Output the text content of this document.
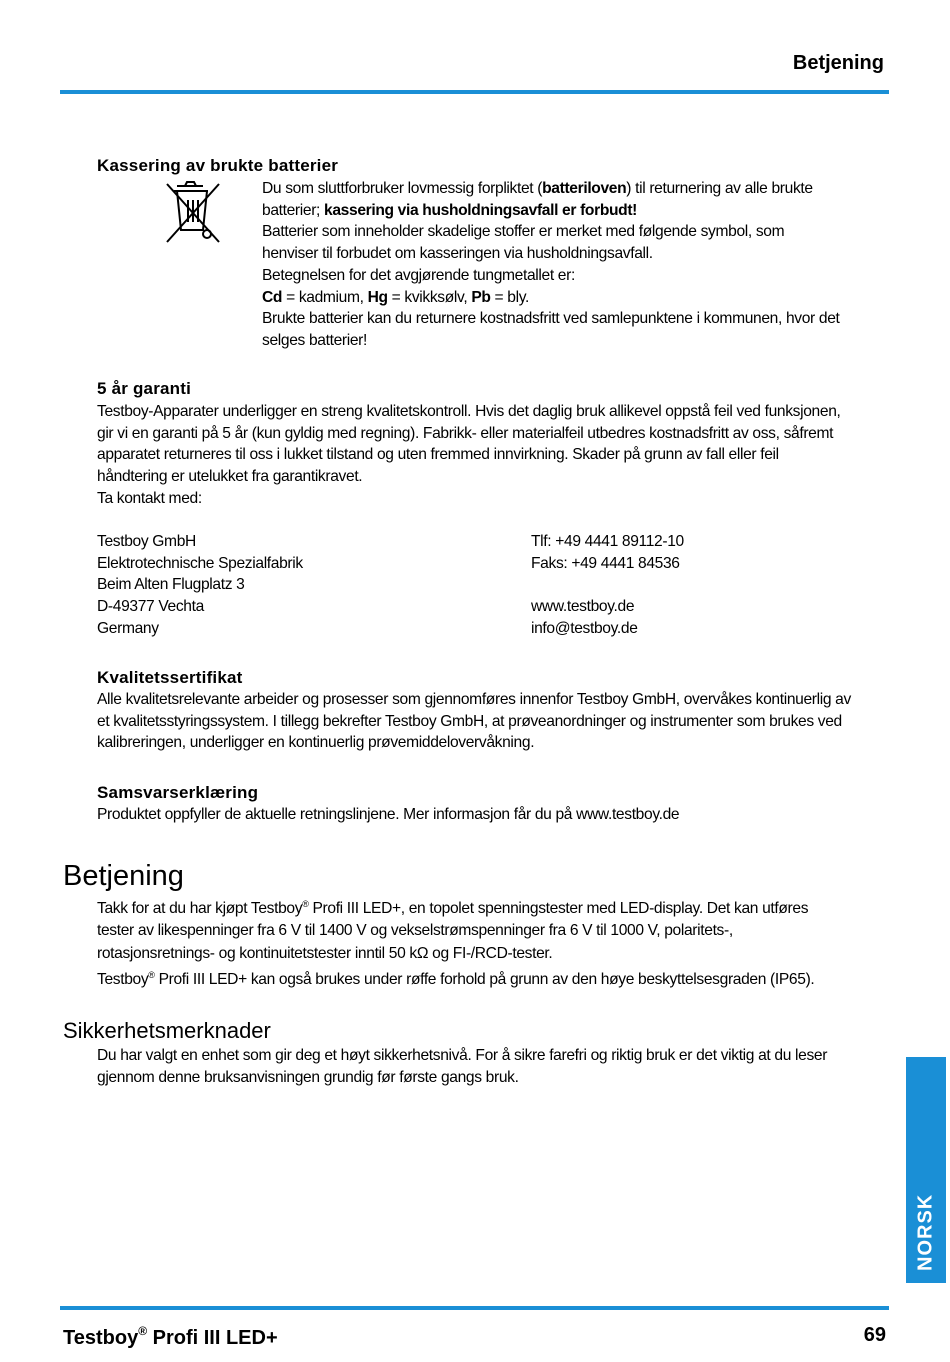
Betjening
Kassering av brukte batterier

Du som sluttforbruker lovmessig forpliktet (batteriloven) til returnering av alle brukte

batterier; kassering via husholdningsavfall er forbudt!

Batterier som inneholder skadelige stoffer er merket med følgende symbol, som

henviser til forbudet om kasseringen via husholdningsavfall.

Betegnelsen for det avgjørende tungmetallet er:

Cd = kadmium, Hg = kvikksølv, Pb = bly.

Brukte batterier kan du returnere kostnadsfritt ved samlepunktene i kommunen, hvor det

selges batterier!

5 år garanti

Testboy-Apparater underligger en streng kvalitetskontroll. Hvis det daglig bruk allikevel oppstå feil ved funksjonen,

gir vi en garanti på 5 år (kun gyldig med regning). Fabrikk- eller materialfeil utbedres kostnadsfritt av oss, såfremt

apparatet returneres til oss i lukket tilstand og uten fremmed innvirkning. Skader på grunn av fall eller feil

håndtering er utelukket fra garantikravet.

Ta kontakt med:

Testboy GmbH
Elektrotechnische Spezialfabrik
Beim Alten Flugplatz 3
D-49377 Vechta
Germany
Tlf: +49 4441 89112-10
Faks: +49 4441 84536
www.testboy.de
info@testboy.de
Kvalitetssertifikat

Alle kvalitetsrelevante arbeider og prosesser som gjennomføres innenfor Testboy GmbH, overvåkes kontinuerlig av

et kvalitetsstyringssystem. I tillegg bekrefter Testboy GmbH, at prøveanordninger og instrumenter som brukes ved

kalibreringen, underligger en kontinuerlig prøvemiddelovervåkning.

Samsvarserklæring
Produktet oppfyller de aktuelle retningslinjene. Mer informasjon får du på www.testboy.de
Betjening

Takk for at du har kjøpt Testboy® Profi III LED+, en topolet spenningstester med LED-display. Det kan utføres

tester av likespenninger fra 6 V til 1400 V og vekselstrømspenninger fra 6 V til 1000 V, polaritets-,

rotasjonsretnings- og kontinuitetstester inntil 50 kΩ og FI-/RCD-tester.

Testboy® Profi III LED+ kan også brukes under røffe forhold på grunn av den høye beskyttelsesgraden (IP65).

Sikkerhetsmerknader

Du har valgt en enhet som gir deg et høyt sikkerhetsnivå. For å sikre farefri og riktig bruk er det viktig at du leser

gjennom denne bruksanvisningen grundig før første gangs bruk.

NORSK
Testboy® Profi III LED+	69
